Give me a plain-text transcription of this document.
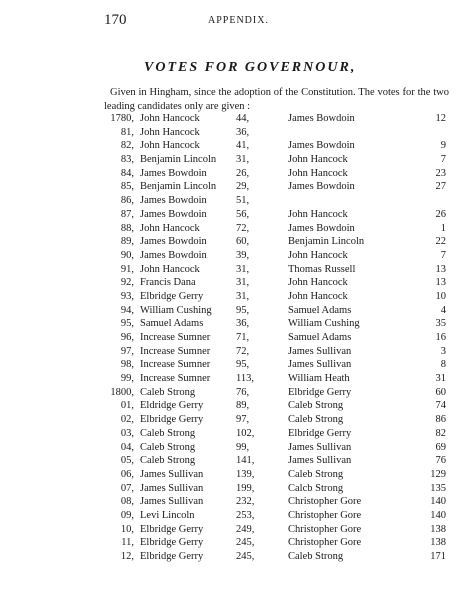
170	APPENDIX.
VOTES FOR GOVERNOUR,

Given in Hingham, since the adoption of the Constitution. The votes for the two leading candidates only are given :

1780, John Hancock	44,	James Bowdoin	12
81, John Hancock	36,
82, John Hancock	41,	James Bowdoin	9
83, Benjamin Lincoln 31,	John Hancock	7
84, James Bowdoin	26,	John Hancock	23
85, Benjamin Lincoln 29,	James Bowdoin	27
86, James Bowdoin	51,
87, James Bowdoin	56,	John Hancock	26
88, John Hancock	72,	James Bowdoin	1
89, James Bowdoin	60,	Benjamin Lincoln	22
90, James Bowdoin	39,	John Hancock	7
91, John Hancock	31,	Thomas Russell	13
92, Francis Dana	31,	John Hancock	13
93, Elbridge Gerry	31,	John Hancock	10
94, William Cushing 95,	Samuel Adams	4
95, Samuel Adams	36,	William Cushing	35
96, Increase Sumner 71,	Samuel Adams	16
97, Increase Sumner 72,	James Sullivan	3
98, Increase Sumner 95,	James Sullivan	8
99, Increase Sumner 113,	William Heath	31
1800, Caleb Strong	76,	Elbridge Gerry	60
01, Eldridge Gerry	89,	Caleb Strong	74
02, Elbridge Gerry	97,	Caleb Strong	86
03, Caleb Strong	102,	Elbridge Gerry	82
04, Caleb Strong	99,	James Sullivan	69
05, Caleb Strong	141,	James Sullivan	76
06, James Sullivan	139,	Caleb Strong	129
07, James Sullivan	199,	Calcb Strong	135
08, James Sullivan	232,	Christopher Gore	140
09, Levi Lincoln	253,	Christopher Gore	140
10, Elbridge Gerry	249,	Christopher Gore	138
11, Elbridge Gerry	245,	Christopher Gore	138
12, Elbridge Gerry	245,	Caleb Strong	171
